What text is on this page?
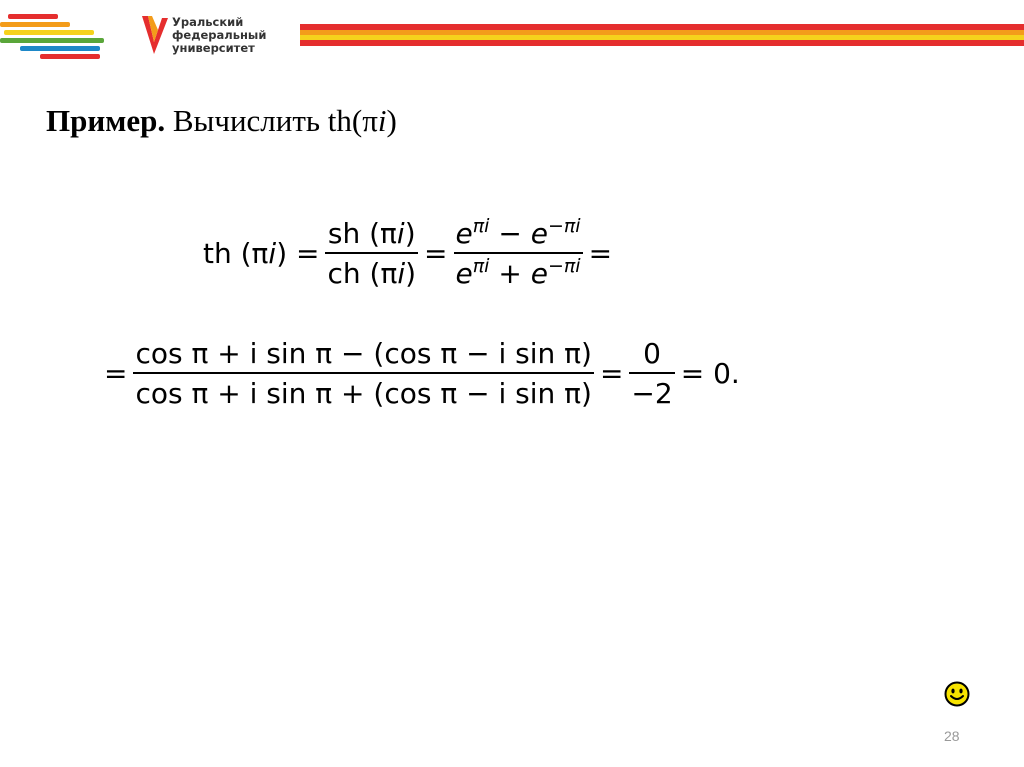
Уральский
федеральный
университет
Пример. Вычислить th(πi)
th $(\pi i) = \frac{sh (\pi i)}{ch (\pi i)} = \frac{e^{\pi i} - e^{-\pi i}}{e^{\pi i} + e^{-\pi i}}$ =
= $\frac{\text{cos π + i sin π − (cos π − i sin π)}}{\text{cos π + i sin π + (cos π − i sin π)}} = \frac{0}{-2} = 0$.
28
